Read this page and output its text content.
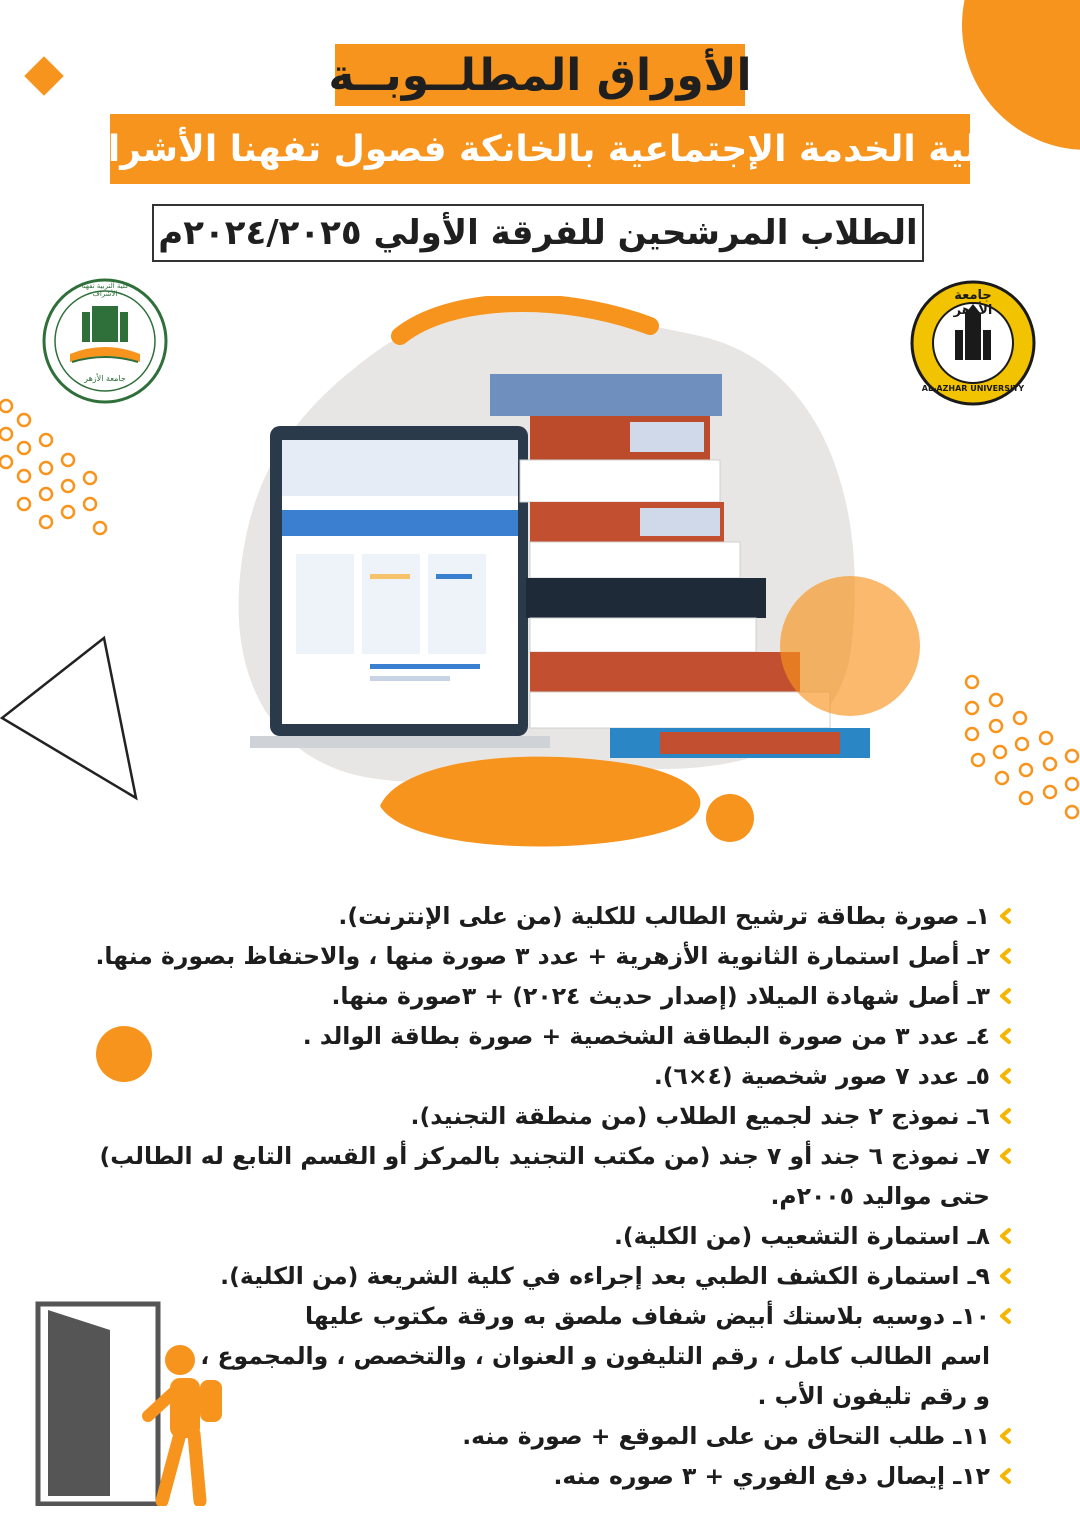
الأوراق المطلــوبــة
لكلية الخدمة الإجتماعية بالخانكة فصول تفهنا الأشراف
الطلاب المرشحين للفرقة الأولي ٢٠٢٤/٢٠٢٥م
كلية التربية تفهنا الأشراف
جامعة الأزهر
جامعة الأزهر
AL-AZHAR UNIVERSITY
١ـ صورة بطاقة ترشيح الطالب للكلية (من على الإنترنت).
٢ـ أصل استمارة الثانوية الأزهرية + عدد ٣ صورة منها ، والاحتفاظ بصورة منها.
٣ـ أصل شهادة الميلاد (إصدار حديث ٢٠٢٤) + ٣صورة منها.
٤ـ عدد ٣ من صورة البطاقة الشخصية + صورة بطاقة الوالد .
٥ـ عدد ٧ صور شخصية (٤×٦).
٦ـ نموذج ٢ جند لجميع الطلاب (من منطقة التجنيد).
٧ـ نموذج ٦ جند أو ٧ جند (من مكتب التجنيد بالمركز أو القسم التابع له الطالب)
حتى مواليد ٢٠٠٥م.
٨ـ استمارة التشعيب (من الكلية).
٩ـ استمارة الكشف الطبي بعد إجراءه في كلية الشريعة (من الكلية).
١٠ـ دوسيه بلاستك أبيض شفاف ملصق به ورقة مكتوب عليها
اسم الطالب كامل ، رقم التليفون و العنوان ، والتخصص ، والمجموع ،
و رقم تليفون الأب .
١١ـ طلب التحاق من على الموقع + صورة منه.
١٢ـ إيصال دفع الفوري + ٣ صوره منه.
